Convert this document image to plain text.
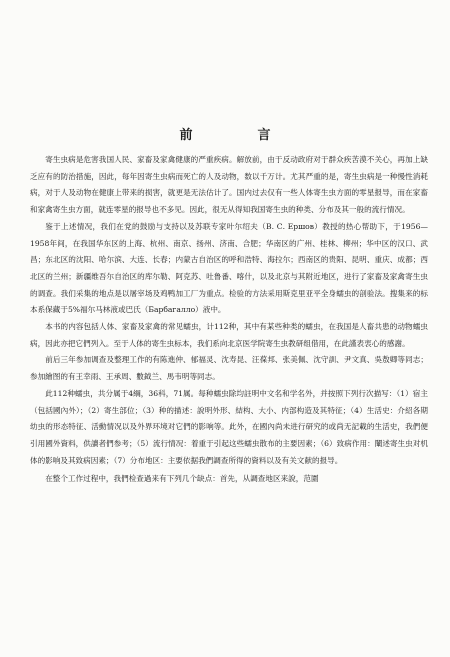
前　言

寄生虫病是危害我国人民、家畜及家禽健康的严重疾病。解放前，由于反动政府对于群众疾苦漠不关心，再加上缺乏应有的防治措施，因此，每年因寄生虫病而死亡的人及动物，数以千万计。尤其严重的是，寄生虫病是一种慢性消耗病，对于人及动物在健康上带来的损害，就更是无法估计了。国内过去仅有一些人体寄生虫方面的零星报导，而在家畜和家禽寄生虫方面，就连零星的报导也不多见。因此，很无从得知我国寄生虫的种类、分布及其一般的流行情况。

鉴于上述情况，我们在党的鼓励与支持以及苏联专家叶尔绍夫（В. С. Ершов）教授的热心帮助下，于1956—1958年间，在我国华东区的上海、杭州、南京、扬州、济南、合肥；华南区的广州、桂林、柳州；华中区的汉口、武昌；东北区的沈阳、哈尔滨、大连、长春；内蒙古自治区的呼和浩特、海拉尔；西南区的贵阳、昆明、重庆、成都；西北区的兰州；新疆维吾尔自治区的库尔勒、阿克苏、吐鲁番、喀什，以及北京与其附近地区，进行了家畜及家禽寄生虫的调查。我们采集的地点是以屠宰场及鸡鸭加工厂为重点。检验的方法采用斯克里亚平全身蠕虫的剖验法。搜集来的标本系保藏于5%福尔马林液或巴氏（Барбагалло）液中。

本书的内容包括人体、家畜及家禽的常见蠕虫，计112种，其中有某些种类的蠕虫，在我国是人畜共患的动物蠕虫病，因此亦把它們列入。至于人体的寄生虫标本，我们系向北京医学院寄生虫教研组借用，在此謹表衷心的感謝。

前后三年参加调查及整理工作的有陈進仲、郁福灵、沈寿昆、汪葆邦、张美佩、沈守訓、尹文真、吳敖卿等同志；参加繪图的有王幸雨、王承周、數鉞兰、馬韦明等同志。

此112种蠕虫，共分属于4綱，36科，71属。每种蠕虫除均註明中文名和学名外，并按照下列行次描写：（1）宿主（包括國內外）；（2）寄生部位；（3）种的描述：說明外形、結构、大小、内部构造及其特征；（4）生活史：介紹各期幼虫的形态特征、活動情况以及外界环境对它們的影响等。此外，在國內尚未进行研究的或尚无記載的生活史，我們便引用國外資料，供讀者們参考；（5）流行情况：着重于引起这些蠕虫散布的主要因素；（6）致病作用：闡述寄生虫对机体的影响及其致病因素；（7）分布地区：主要依据我們調查所得的資料以及有关文献的报导。

在整个工作过程中，我們检查過来有下列几个缺点：首先，从調查地区来說，范圍
